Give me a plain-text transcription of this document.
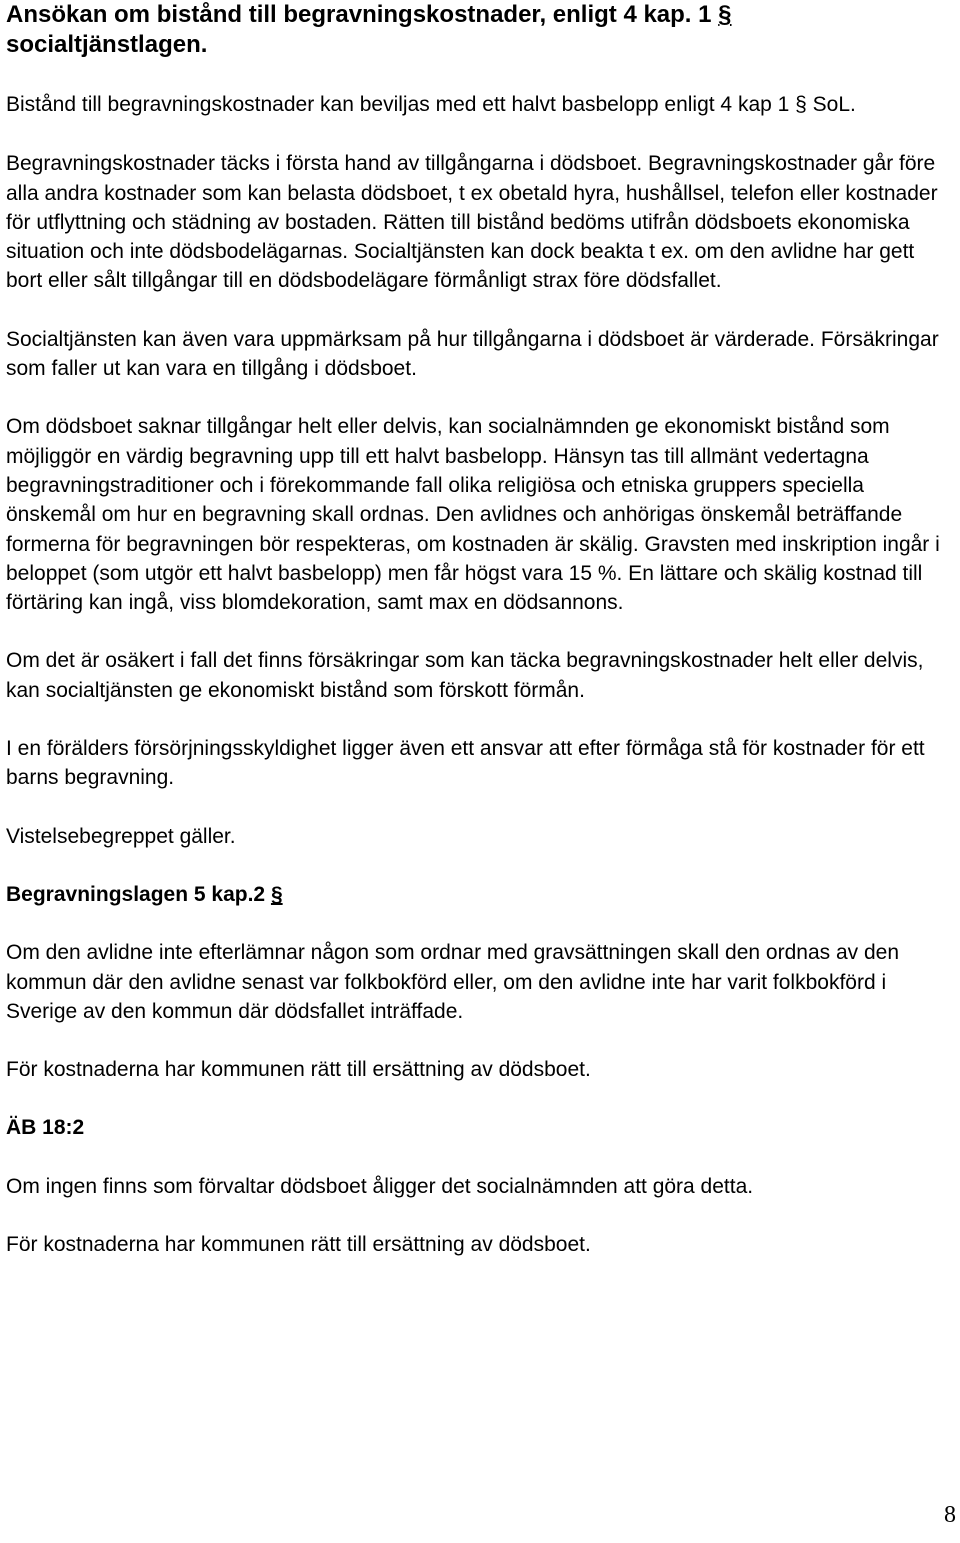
Ansökan om bistånd till begravningskostnader, enligt 4 kap. 1 §
socialtjänstlagen.

Bistånd till begravningskostnader kan beviljas med ett halvt basbelopp enligt 4 kap 1 § SoL.

Begravningskostnader täcks i första hand av tillgångarna i dödsboet. Begravningskostnader går före alla andra kostnader som kan belasta dödsboet, t ex obetald hyra, hushållsel, telefon eller kostnader för utflyttning och städning av bostaden. Rätten till bistånd bedöms utifrån dödsboets ekonomiska situation och inte dödsbodelägarnas. Socialtjänsten kan dock beakta t ex. om den avlidne har gett bort eller sålt tillgångar till en dödsbodelägare förmånligt strax före dödsfallet.

Socialtjänsten kan även vara uppmärksam på hur tillgångarna i dödsboet är värderade. Försäkringar som faller ut kan vara en tillgång i dödsboet.

Om dödsboet saknar tillgångar helt eller delvis, kan socialnämnden ge ekonomiskt bistånd som möjliggör en värdig begravning upp till ett halvt basbelopp. Hänsyn tas till allmänt vedertagna begravningstraditioner och i förekommande fall olika religiösa och etniska gruppers speciella önskemål om hur en begravning skall ordnas. Den avlidnes och anhörigas önskemål beträffande formerna för begravningen bör respekteras, om kostnaden är skälig. Gravsten med inskription ingår i beloppet (som utgör ett halvt basbelopp) men får högst vara 15 %. En lättare och skälig kostnad till förtäring kan ingå, viss blomdekoration, samt max en dödsannons.

Om det är osäkert i fall det finns försäkringar som kan täcka begravningskostnader helt eller delvis, kan socialtjänsten ge ekonomiskt bistånd som förskott förmån.

I en förälders försörjningsskyldighet ligger även ett ansvar att efter förmåga stå för kostnader för ett barns begravning.

Vistelsebegreppet gäller.

Begravningslagen 5 kap.2 §

Om den avlidne inte efterlämnar någon som ordnar med gravsättningen skall den ordnas av den kommun där den avlidne senast var folkbokförd eller, om den avlidne inte har varit folkbokförd i Sverige av den kommun där dödsfallet inträffade.

För kostnaderna har kommunen rätt till ersättning av dödsboet.

ÄB 18:2

Om ingen finns som förvaltar dödsboet åligger det socialnämnden att göra detta.

För kostnaderna har kommunen rätt till ersättning av dödsboet.

8
